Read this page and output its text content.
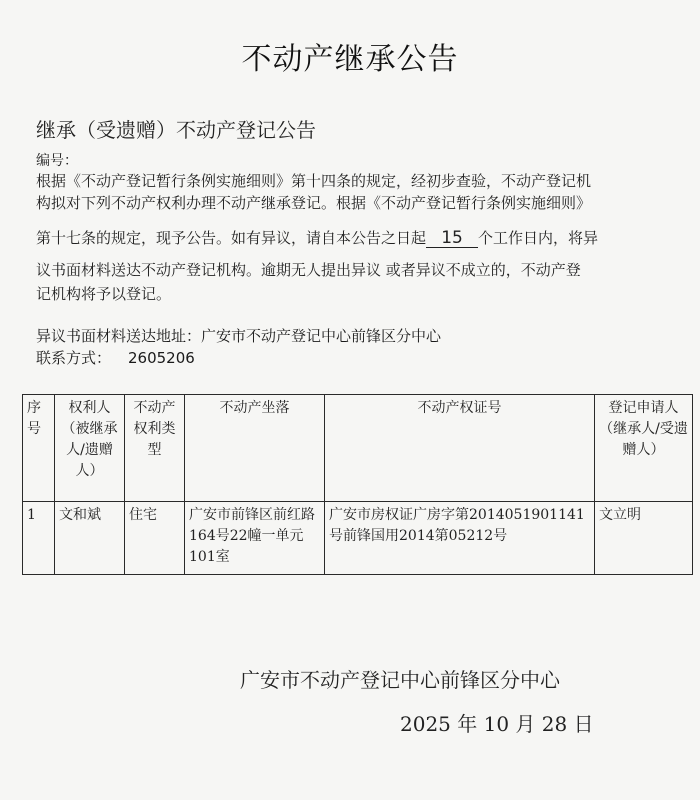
不动产继承公告
继承（受遗赠）不动产登记公告
编号：
根据《不动产登记暂行条例实施细则》第十四条的规定，经初步查验，不动产登记机
构拟对下列不动产权利办理不动产继承登记。根据《不动产登记暂行条例实施细则》
第十七条的规定，现予公告。如有异议，请自本公告之日起 15 个工作日内，将异
议书面材料送达不动产登记机构。逾期无人提出异议 或者异议不成立的，不动产登
记机构将予以登记。
异议书面材料送达地址：广安市不动产登记中心前锋区分中心
联系方式： 2605206
序号	权利人（被继承人/遗赠人）	不动产权利类型	不动产坐落	不动产权证号	登记申请人（继承人/受遗赠人）
1	文和斌	住宅	广安市前锋区前红路164号22幢一单元101室	广安市房权证广房字第2014051901141号前锋国用2014第05212号	文立明
广安市不动产登记中心前锋区分中心
2025 年 10 月 28 日
